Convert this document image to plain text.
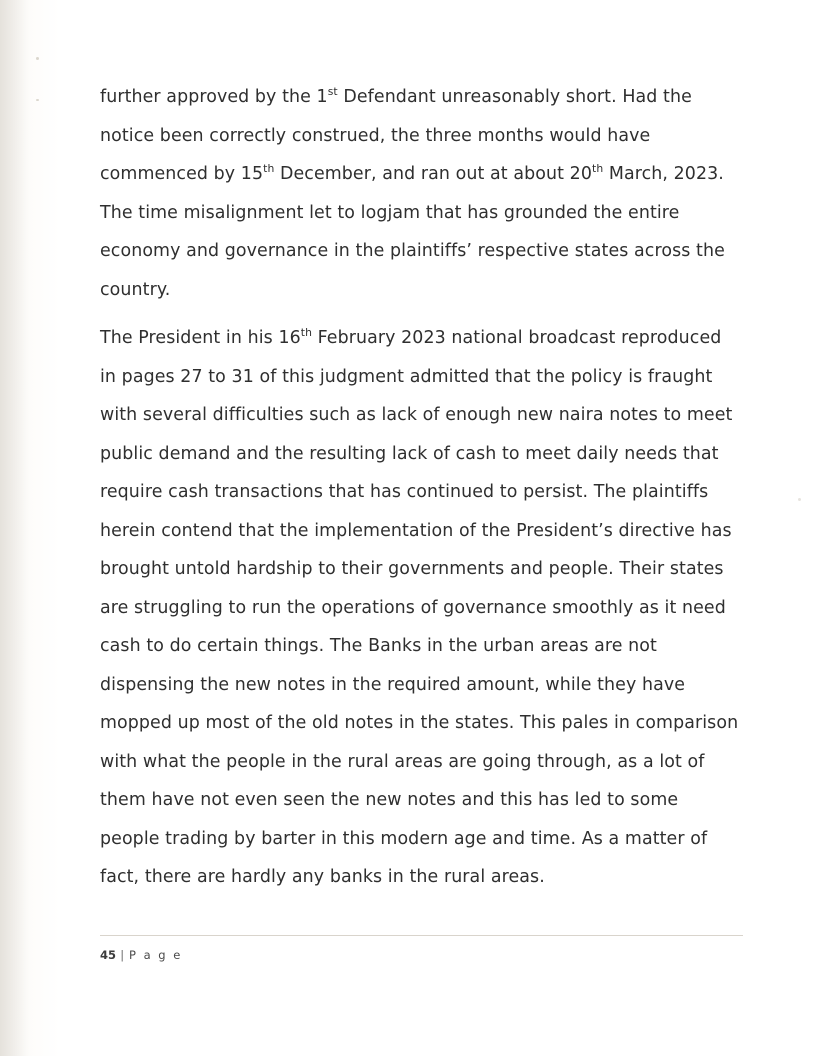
further approved by the 1st Defendant unreasonably short. Had the notice been correctly construed, the three months would have commenced by 15th December, and ran out at about 20th March, 2023. The time misalignment let to logjam that has grounded the entire economy and governance in the plaintiffs’ respective states across the country.

The President in his 16th February 2023 national broadcast reproduced in pages 27 to 31 of this judgment admitted that the policy is fraught with several difficulties such as lack of enough new naira notes to meet public demand and the resulting lack of cash to meet daily needs that require cash transactions that has continued to persist. The plaintiffs herein contend that the implementation of the President’s directive has brought untold hardship to their governments and people. Their states are struggling to run the operations of governance smoothly as it need cash to do certain things. The Banks in the urban areas are not dispensing the new notes in the required amount, while they have mopped up most of the old notes in the states. This pales in comparison with what the people in the rural areas are going through, as a lot of them have not even seen the new notes and this has led to some people trading by barter in this modern age and time. As a matter of fact, there are hardly any banks in the rural areas.

45 | P a g e
